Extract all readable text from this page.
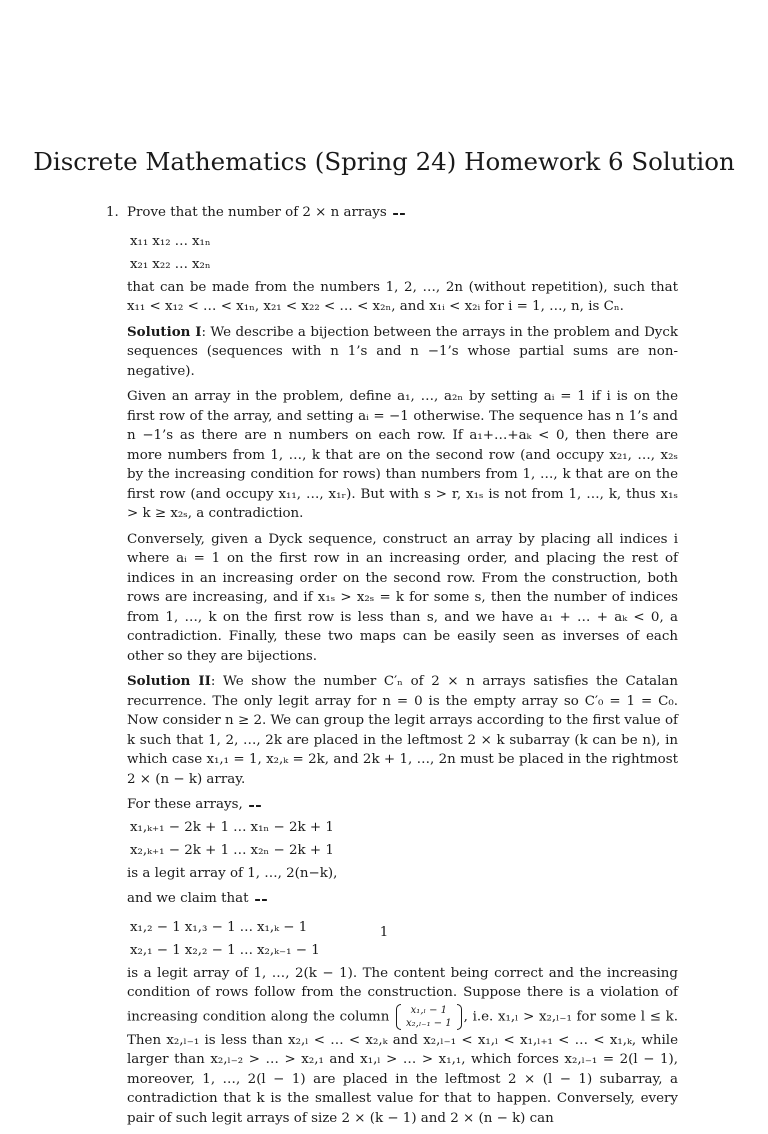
Discrete Mathematics (Spring 24) Homework 6 Solution

1. Prove that the number of 2 × n arrays

x₁₁	x₁₂	…	x₁ₙ
x₂₁	x₂₂	…	x₂ₙ
that can be made from the numbers 1, 2, …, 2n (without repetition), such that x₁₁ < x₁₂ < … < x₁ₙ, x₂₁ < x₂₂ < … < x₂ₙ, and x₁ᵢ < x₂ᵢ for i = 1, …, n, is Cₙ.

Solution I: We describe a bijection between the arrays in the problem and Dyck sequences (sequences with n 1’s and n −1’s whose partial sums are non-negative).

Given an array in the problem, define a₁, …, a₂ₙ by setting aᵢ = 1 if i is on the first row of the array, and setting aᵢ = −1 otherwise. The sequence has n 1’s and n −1’s as there are n numbers on each row. If a₁+…+aₖ < 0, then there are more numbers from 1, …, k that are on the second row (and occupy x₂₁, …, x₂ₛ by the increasing condition for rows) than numbers from 1, …, k that are on the first row (and occupy x₁₁, …, x₁ᵣ). But with s > r, x₁ₛ is not from 1, …, k, thus x₁ₛ > k ≥ x₂ₛ, a contradiction.

Conversely, given a Dyck sequence, construct an array by placing all indices i where aᵢ = 1 on the first row in an increasing order, and placing the rest of indices in an increasing order on the second row. From the construction, both rows are increasing, and if x₁ₛ > x₂ₛ = k for some s, then the number of indices from 1, …, k on the first row is less than s, and we have a₁ + … + aₖ < 0, a contradiction. Finally, these two maps can be easily seen as inverses of each other so they are bijections.

Solution II: We show the number C′ₙ of 2 × n arrays satisfies the Catalan recurrence. The only legit array for n = 0 is the empty array so C′₀ = 1 = C₀. Now consider n ≥ 2. We can group the legit arrays according to the first value of k such that 1, 2, …, 2k are placed in the leftmost 2 × k subarray (k can be n), in which case x₁,₁ = 1, x₂,ₖ = 2k, and 2k + 1, …, 2n must be placed in the rightmost 2 × (n − k) array.

For these arrays,

x₁,ₖ₊₁ − 2k + 1	…	x₁ₙ − 2k + 1
x₂,ₖ₊₁ − 2k + 1	…	x₂ₙ − 2k + 1
is a legit array of 1, …, 2(n−k),

and we claim that

x₁,₂ − 1	x₁,₃ − 1	…	x₁,ₖ − 1
x₂,₁ − 1	x₂,₂ − 1	…	x₂,ₖ₋₁ − 1
is a legit array of 1, …, 2(k − 1). The content being correct and the increasing condition of rows follow from the construction. Suppose there is a violation of increasing condition along the column x₁,ₗ − 1
x₂,ₗ₋₁ − 1 , i.e. x₁,ₗ > x₂,ₗ₋₁ for some l ≤ k. Then x₂,ₗ₋₁ is less than x₂,ₗ < … < x₂,ₖ and x₂,ₗ₋₁ < x₁,ₗ < x₁,ₗ₊₁ < … < x₁,ₖ, while larger than x₂,ₗ₋₂ > … > x₂,₁ and x₁,ₗ > … > x₁,₁, which forces x₂,ₗ₋₁ = 2(l − 1), moreover, 1, …, 2(l − 1) are placed in the leftmost 2 × (l − 1) subarray, a contradiction that k is the smallest value for that to happen. Conversely, every pair of such legit arrays of size 2 × (k − 1) and 2 × (n − k) can

1
